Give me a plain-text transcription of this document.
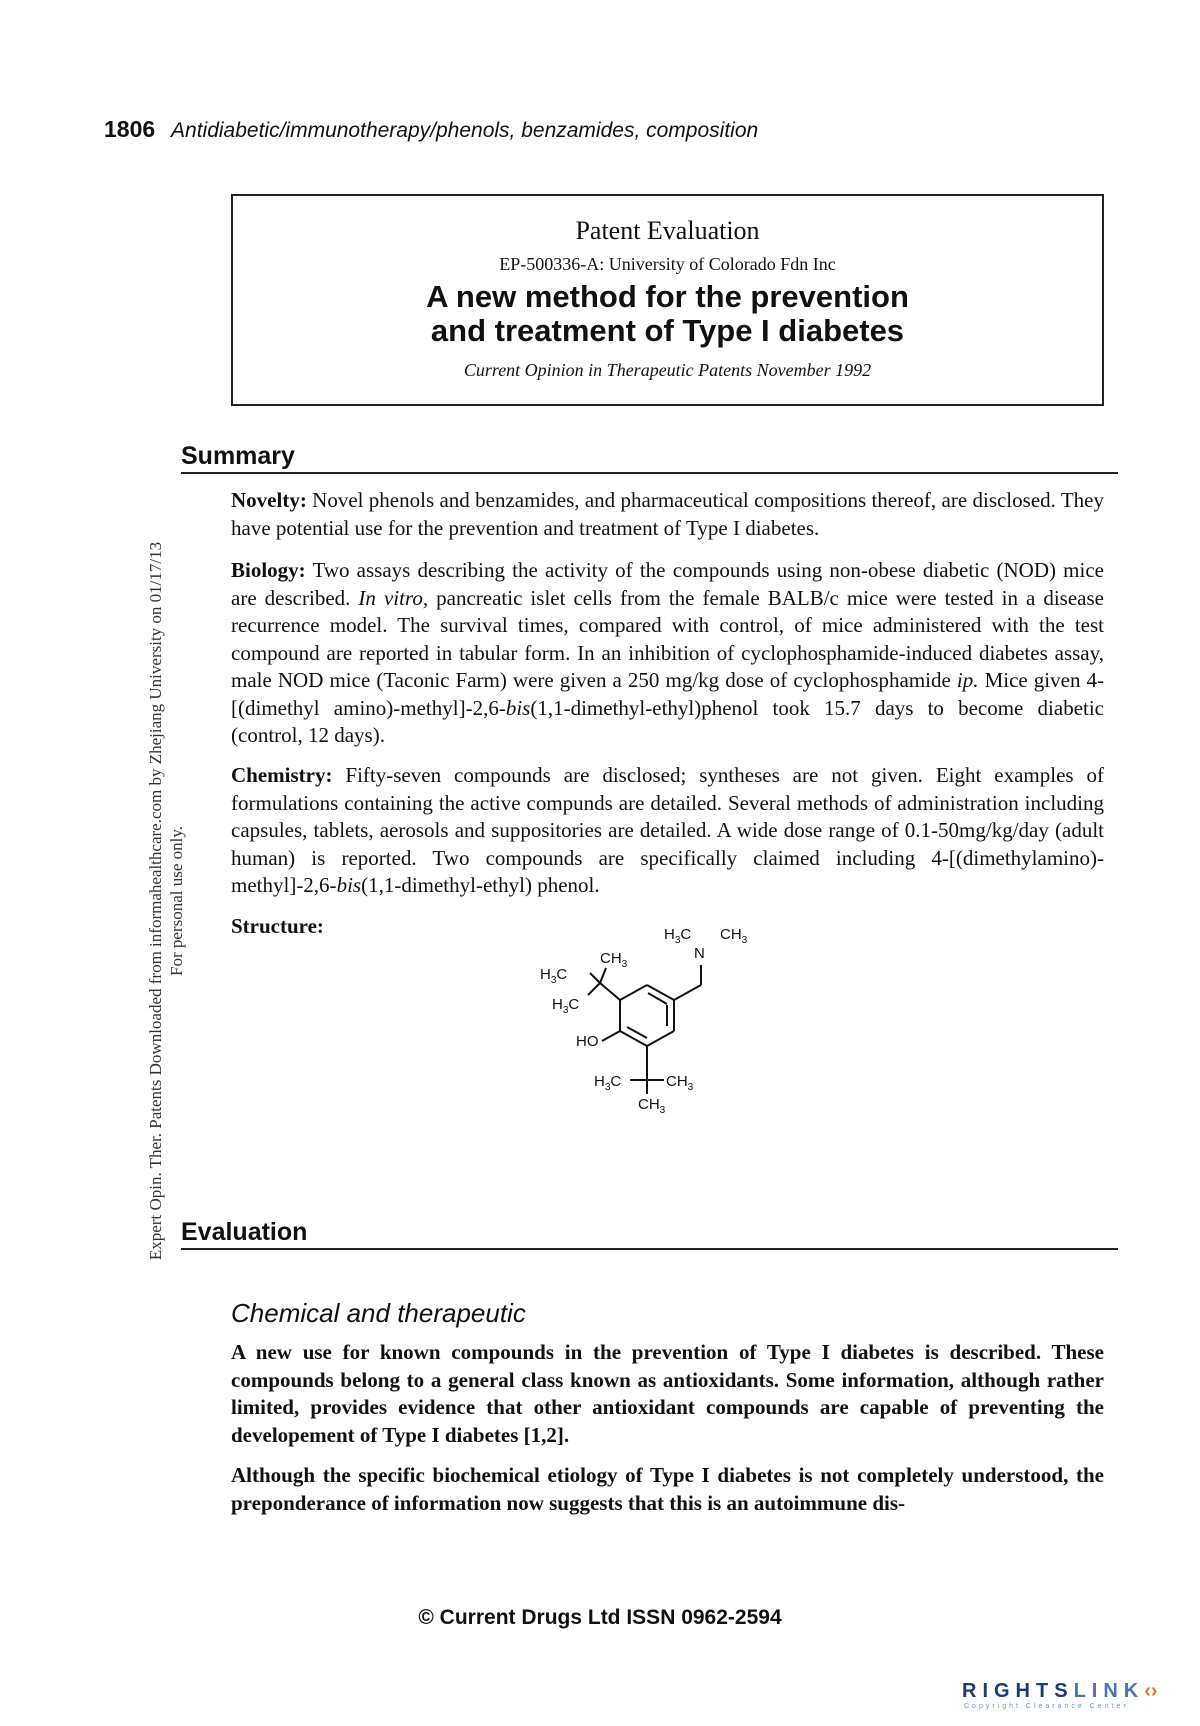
Expert Opin. Ther. Patents Downloaded from informahealthcare.com by Zhejiang University on 01/17/13 For personal use only.
1806 Antidiabetic/immunotherapy/phenols, benzamides, composition
Patent Evaluation
EP-500336-A: University of Colorado Fdn Inc
A new method for the prevention
and treatment of Type I diabetes
Current Opinion in Therapeutic Patents November 1992
Summary

Novelty: Novel phenols and benzamides, and pharmaceutical compositions thereof, are disclosed. They have potential use for the prevention and treatment of Type I diabetes.

Biology: Two assays describing the activity of the compounds using non-obese diabetic (NOD) mice are described. In vitro, pancreatic islet cells from the female BALB/c mice were tested in a disease recurrence model. The survival times, compared with control, of mice administered with the test compound are reported in tabular form. In an inhibition of cyclophosphamide-induced diabetes assay, male NOD mice (Taconic Farm) were given a 250 mg/kg dose of cyclophosphamide ip. Mice given 4-[(dimethyl amino)-methyl]-2,6-bis(1,1-dimethyl-ethyl)phenol took 15.7 days to become diabetic (control, 12 days).

Chemistry: Fifty-seven compounds are disclosed; syntheses are not given. Eight examples of formulations containing the active compunds are detailed. Several methods of administration including capsules, tablets, aerosols and suppositories are detailed. A wide dose range of 0.1-50mg/kg/day (adult human) is reported. Two compounds are specifically claimed including 4-[(dimethylamino)-methyl]-2,6-bis(1,1-dimethyl-ethyl) phenol.

Structure:	$H_3C$
N
$CH_3$
$CH_3$
$H_3C$
$H_3C$
HO
$H_3C$	$CH_3$
$CH_3$
Evaluation
Chemical and therapeutic

A new use for known compounds in the prevention of Type I diabetes is described. These compounds belong to a general class known as antioxidants. Some information, although rather limited, provides evidence that other antioxidant compounds are capable of preventing the developement of Type I diabetes [1,2].

Although the specific biochemical etiology of Type I diabetes is not completely understood, the preponderance of information now suggests that this is an autoimmune dis-

© Current Drugs Ltd ISSN 0962-2594
RIGHTSLINK‹›
Copyright Clearance Center
